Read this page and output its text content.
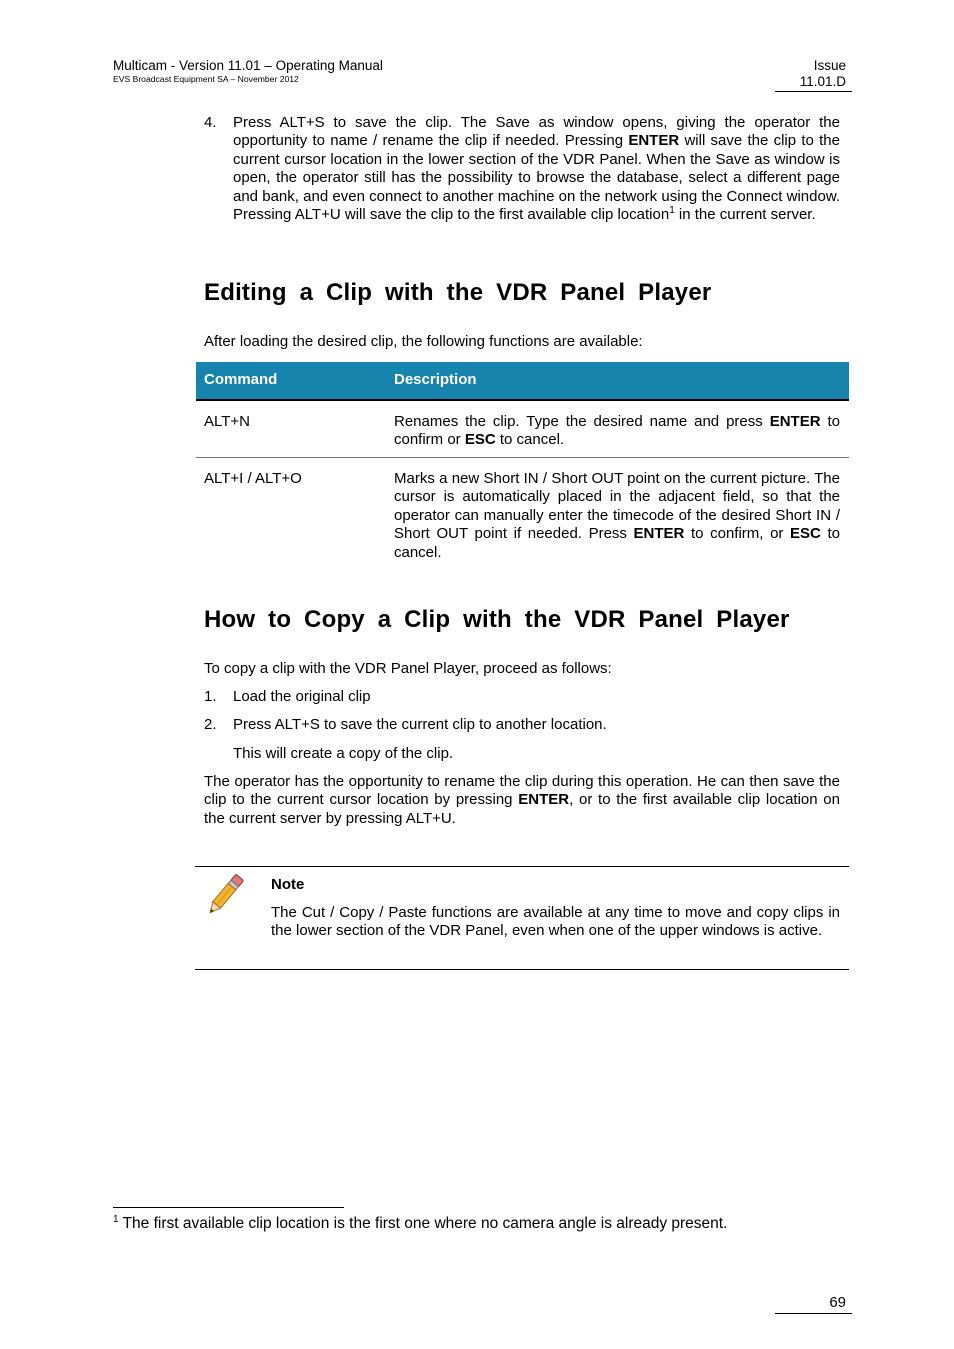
Multicam - Version 11.01 – Operating Manual
EVS Broadcast Equipment SA – November 2012
Issue
11.01.D
4.	Press ALT+S to save the clip. The Save as window opens, giving the operator the opportunity to name / rename the clip if needed. Pressing ENTER will save the clip to the current cursor location in the lower section of the VDR Panel. When the Save as window is open, the operator still has the possibility to browse the database, select a different page and bank, and even connect to another machine on the network using the Connect window. Pressing ALT+U will save the clip to the first available clip location$^1$ in the current server.
Editing a Clip with the VDR Panel Player
After loading the desired clip, the following functions are available:
Command	Description
ALT+N	Renames the clip. Type the desired name and press ENTER to confirm or ESC to cancel.
ALT+I / ALT+O	Marks a new Short IN / Short OUT point on the current picture. The cursor is automatically placed in the adjacent field, so that the operator can manually enter the timecode of the desired Short IN / Short OUT point if needed. Press ENTER to confirm, or ESC to cancel.
How to Copy a Clip with the VDR Panel Player
To copy a clip with the VDR Panel Player, proceed as follows:
1.	Load the original clip
2.	Press ALT+S to save the current clip to another location.
This will create a copy of the clip.
The operator has the opportunity to rename the clip during this operation. He can then save the clip to the current cursor location by pressing ENTER, or to the first available clip location on the current server by pressing ALT+U.
Note
The Cut / Copy / Paste functions are available at any time to move and copy clips in the lower section of the VDR Panel, even when one of the upper windows is active.
$^1$ The first available clip location is the first one where no camera angle is already present.
69
